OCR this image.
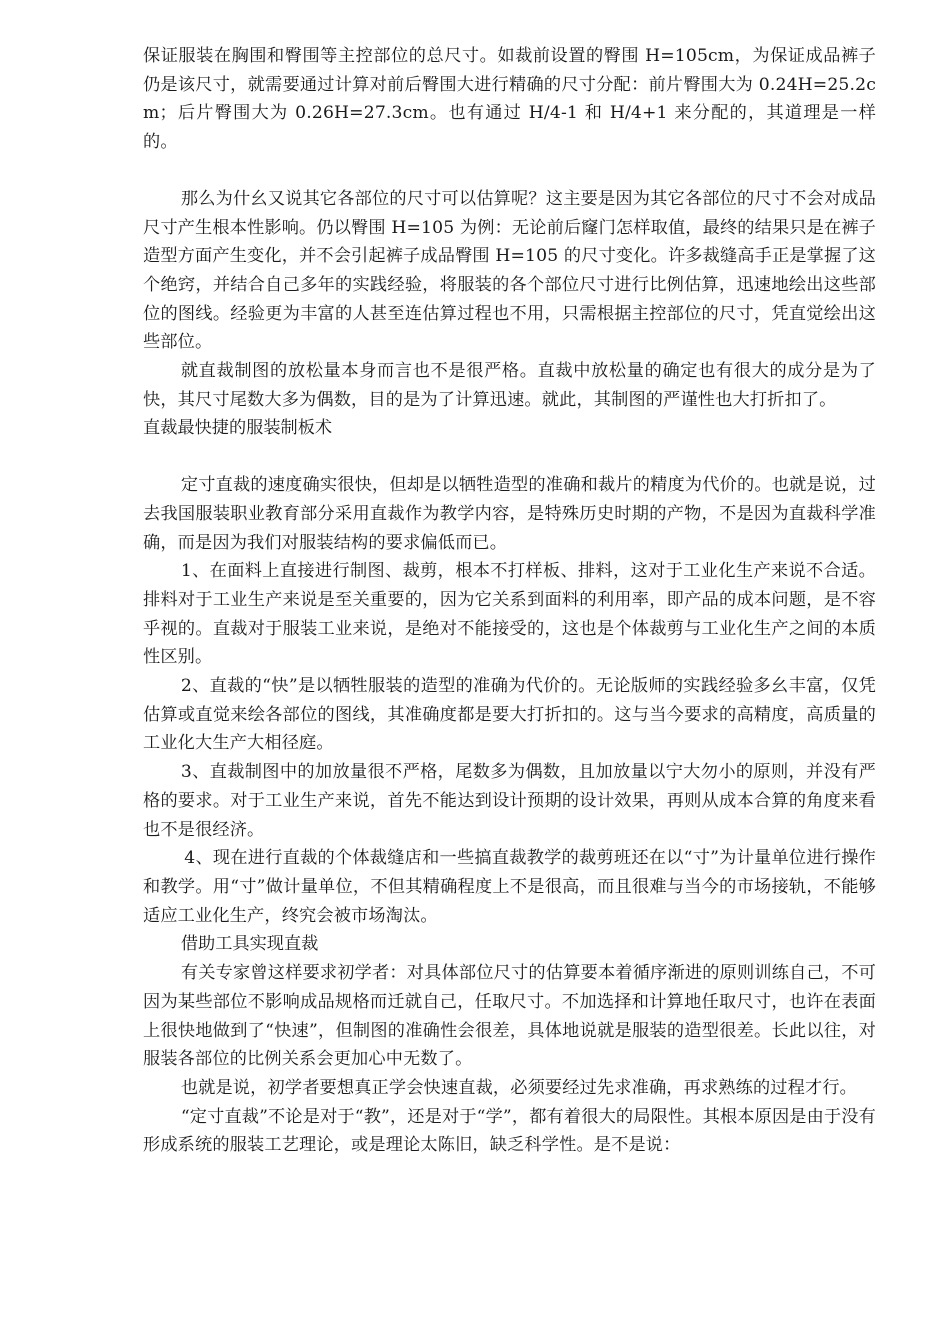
保证服装在胸围和臀围等主控部位的总尺寸。如裁前设置的臀围 H=105cm，为保证成品裤子仍是该尺寸，就需要通过计算对前后臀围大进行精确的尺寸分配：前片臀围大为 0.24H=25.2cm；后片臀围大为 0.26H=27.3cm。也有通过 H/4-1 和 H/4+1 来分配的，其道理是一样的。

那么为什幺又说其它各部位的尺寸可以估算呢？这主要是因为其它各部位的尺寸不会对成品尺寸产生根本性影响。仍以臀围 H=105 为例：无论前后窿门怎样取值，最终的结果只是在裤子造型方面产生变化，并不会引起裤子成品臀围 H=105 的尺寸变化。许多裁缝高手正是掌握了这个绝窍，并结合自己多年的实践经验，将服装的各个部位尺寸进行比例估算，迅速地绘出这些部位的图线。经验更为丰富的人甚至连估算过程也不用，只需根据主控部位的尺寸，凭直觉绘出这些部位。

就直裁制图的放松量本身而言也不是很严格。直裁中放松量的确定也有很大的成分是为了快，其尺寸尾数大多为偶数，目的是为了计算迅速。就此，其制图的严谨性也大打折扣了。

直裁最快捷的服装制板术

定寸直裁的速度确实很快，但却是以牺牲造型的准确和裁片的精度为代价的。也就是说，过去我国服装职业教育部分采用直裁作为教学内容，是特殊历史时期的产物，不是因为直裁科学准确，而是因为我们对服装结构的要求偏低而已。

1、在面料上直接进行制图、裁剪，根本不打样板、排料，这对于工业化生产来说不合适。排料对于工业生产来说是至关重要的，因为它关系到面料的利用率，即产品的成本问题，是不容乎视的。直裁对于服装工业来说，是绝对不能接受的，这也是个体裁剪与工业化生产之间的本质性区别。

2、直裁的“快”是以牺牲服装的造型的准确为代价的。无论版师的实践经验多幺丰富，仅凭估算或直觉来绘各部位的图线，其准确度都是要大打折扣的。这与当今要求的高精度，高质量的工业化大生产大相径庭。

3、直裁制图中的加放量很不严格，尾数多为偶数，且加放量以宁大勿小的原则，并没有严格的要求。对于工业生产来说，首先不能达到设计预期的设计效果，再则从成本合算的角度来看也不是很经济。

4、现在进行直裁的个体裁缝店和一些搞直裁教学的裁剪班还在以“寸”为计量单位进行操作和教学。用“寸”做计量单位，不但其精确程度上不是很高，而且很难与当今的市场接轨，不能够适应工业化生产，终究会被市场淘汰。

借助工具实现直裁

有关专家曾这样要求初学者：对具体部位尺寸的估算要本着循序渐进的原则训练自己，不可因为某些部位不影响成品规格而迁就自己，任取尺寸。不加选择和计算地任取尺寸，也许在表面上很快地做到了“快速”，但制图的准确性会很差，具体地说就是服装的造型很差。长此以往，对服装各部位的比例关系会更加心中无数了。

也就是说，初学者要想真正学会快速直裁，必须要经过先求准确，再求熟练的过程才行。

“定寸直裁”不论是对于“教”，还是对于“学”，都有着很大的局限性。其根本原因是由于没有形成系统的服装工艺理论，或是理论太陈旧，缺乏科学性。是不是说：
